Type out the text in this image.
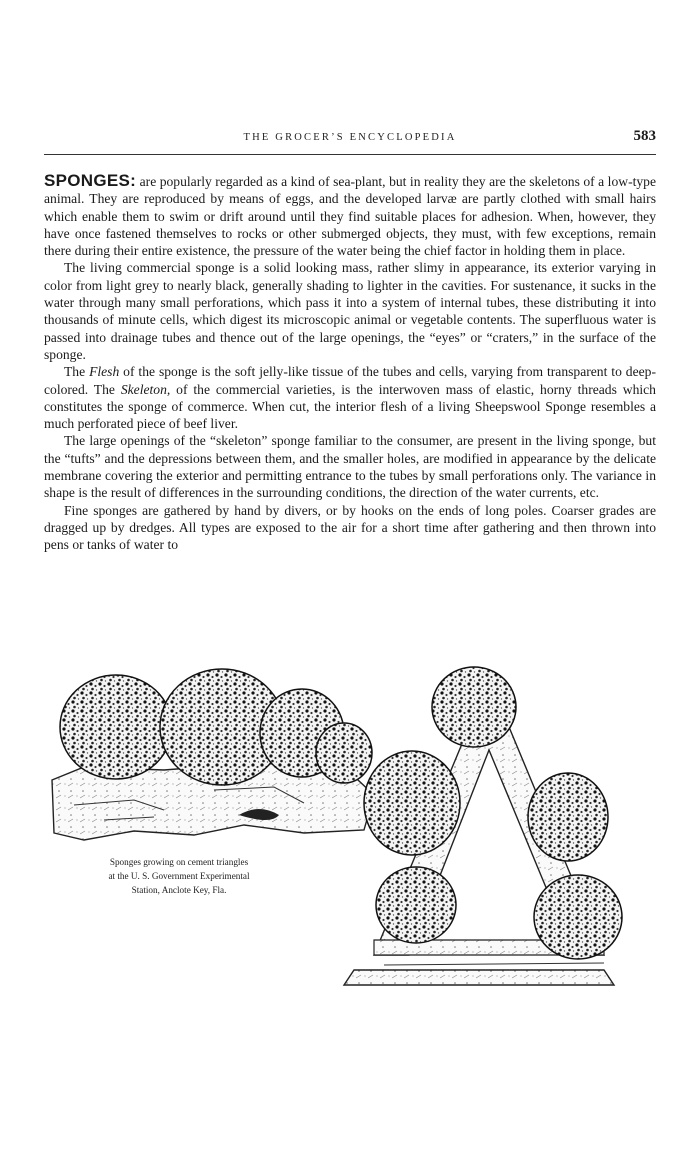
THE GROCER’S ENCYCLOPEDIA	583

SPONGES: are popularly regarded as a kind of sea-plant, but in reality they are the skeletons of a low-type animal. They are reproduced by means of eggs, and the developed larvæ are partly clothed with small hairs which enable them to swim or drift around until they find suitable places for adhesion. When, however, they have once fastened themselves to rocks or other submerged objects, they must, with few exceptions, remain there during their entire existence, the pressure of the water being the chief factor in holding them in place.

The living commercial sponge is a solid looking mass, rather slimy in appearance, its exterior varying in color from light grey to nearly black, generally shading to lighter in the cavities. For sustenance, it sucks in the water through many small perforations, which pass it into a system of internal tubes, these distributing it into thousands of minute cells, which digest its microscopic animal or vegetable contents. The superfluous water is passed into drainage tubes and thence out of the large openings, the “eyes” or “craters,” in the surface of the sponge.

The Flesh of the sponge is the soft jelly-like tissue of the tubes and cells, varying from transparent to deep-colored. The Skeleton, of the commercial varieties, is the interwoven mass of elastic, horny threads which constitutes the sponge of commerce. When cut, the interior flesh of a living Sheepswool Sponge resembles a much perforated piece of beef liver.

The large openings of the “skeleton” sponge familiar to the consumer, are present in the living sponge, but the “tufts” and the depressions between them, and the smaller holes, are modified in appearance by the delicate membrane covering the exterior and permitting entrance to the tubes by small perforations only. The variance in shape is the result of differences in the surrounding conditions, the direction of the water currents, etc.

Fine sponges are gathered by hand by divers, or by hooks on the ends of long poles. Coarser grades are dragged up by dredges. All types are exposed to the air for a short time after gathering and then thrown into pens or tanks of water to

Sponges growing on cement triangles
at the U. S. Government Experimental
Station, Anclote Key, Fla.
